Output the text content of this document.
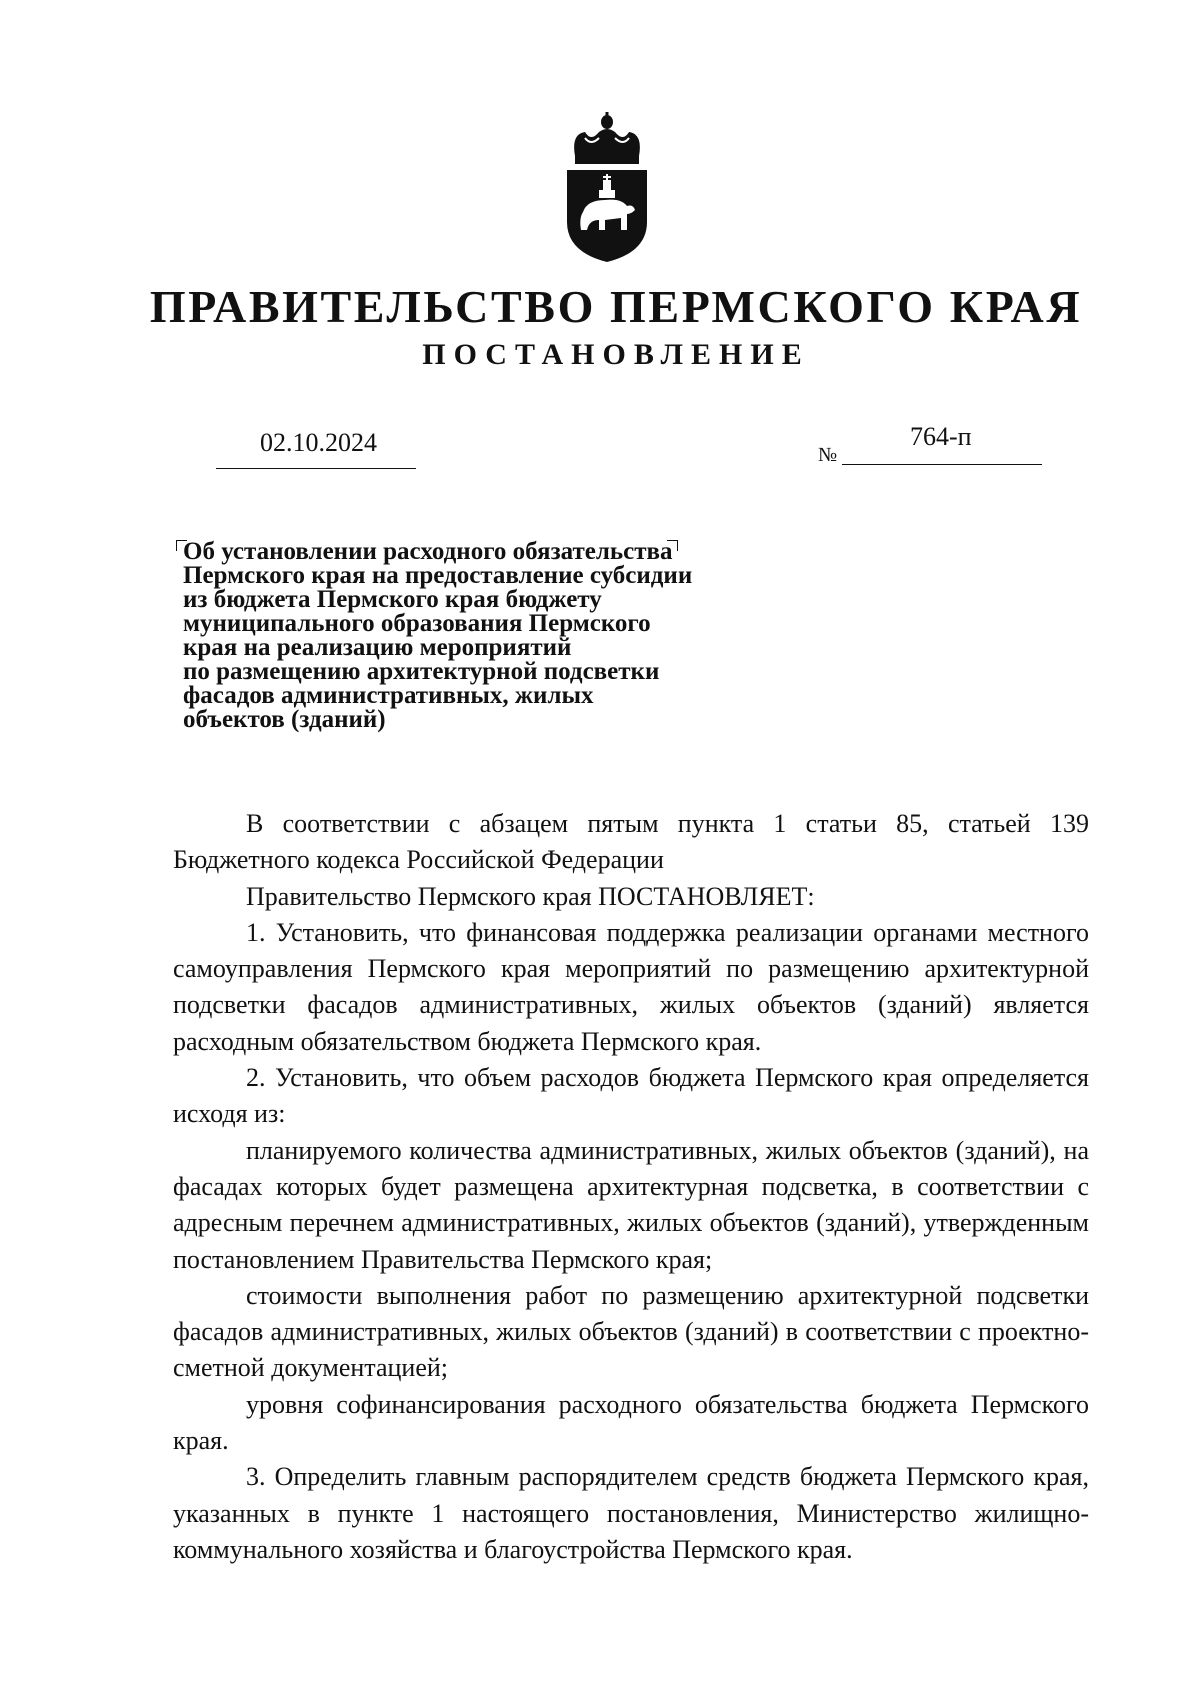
ПРАВИТЕЛЬСТВО ПЕРМСКОГО КРАЯ
ПОСТАНОВЛЕНИЕ
02.10.2024	№
764-п
Об установлении расходного обязательства
Пермского края на предоставление субсидии
из бюджета Пермского края бюджету
муниципального образования Пермского
края на реализацию мероприятий
по размещению архитектурной подсветки
фасадов административных, жилых
объектов (зданий)

В соответствии с абзацем пятым пункта 1 статьи 85, статьей 139 Бюджетного кодекса Российской Федерации

Правительство Пермского края ПОСТАНОВЛЯЕТ:

1. Установить, что финансовая поддержка реализации органами местного самоуправления Пермского края мероприятий по размещению архитектурной подсветки фасадов административных, жилых объектов (зданий) является расходным обязательством бюджета Пермского края.

2. Установить, что объем расходов бюджета Пермского края определяется исходя из:

планируемого количества административных, жилых объектов (зданий), на фасадах которых будет размещена архитектурная подсветка, в соответствии с адресным перечнем административных, жилых объектов (зданий), утвержденным постановлением Правительства Пермского края;

стоимости выполнения работ по размещению архитектурной подсветки фасадов административных, жилых объектов (зданий) в соответствии с проектно-сметной документацией;

уровня софинансирования расходного обязательства бюджета Пермского края.

3. Определить главным распорядителем средств бюджета Пермского края, указанных в пункте 1 настоящего постановления, Министерство жилищно-коммунального хозяйства и благоустройства Пермского края.
